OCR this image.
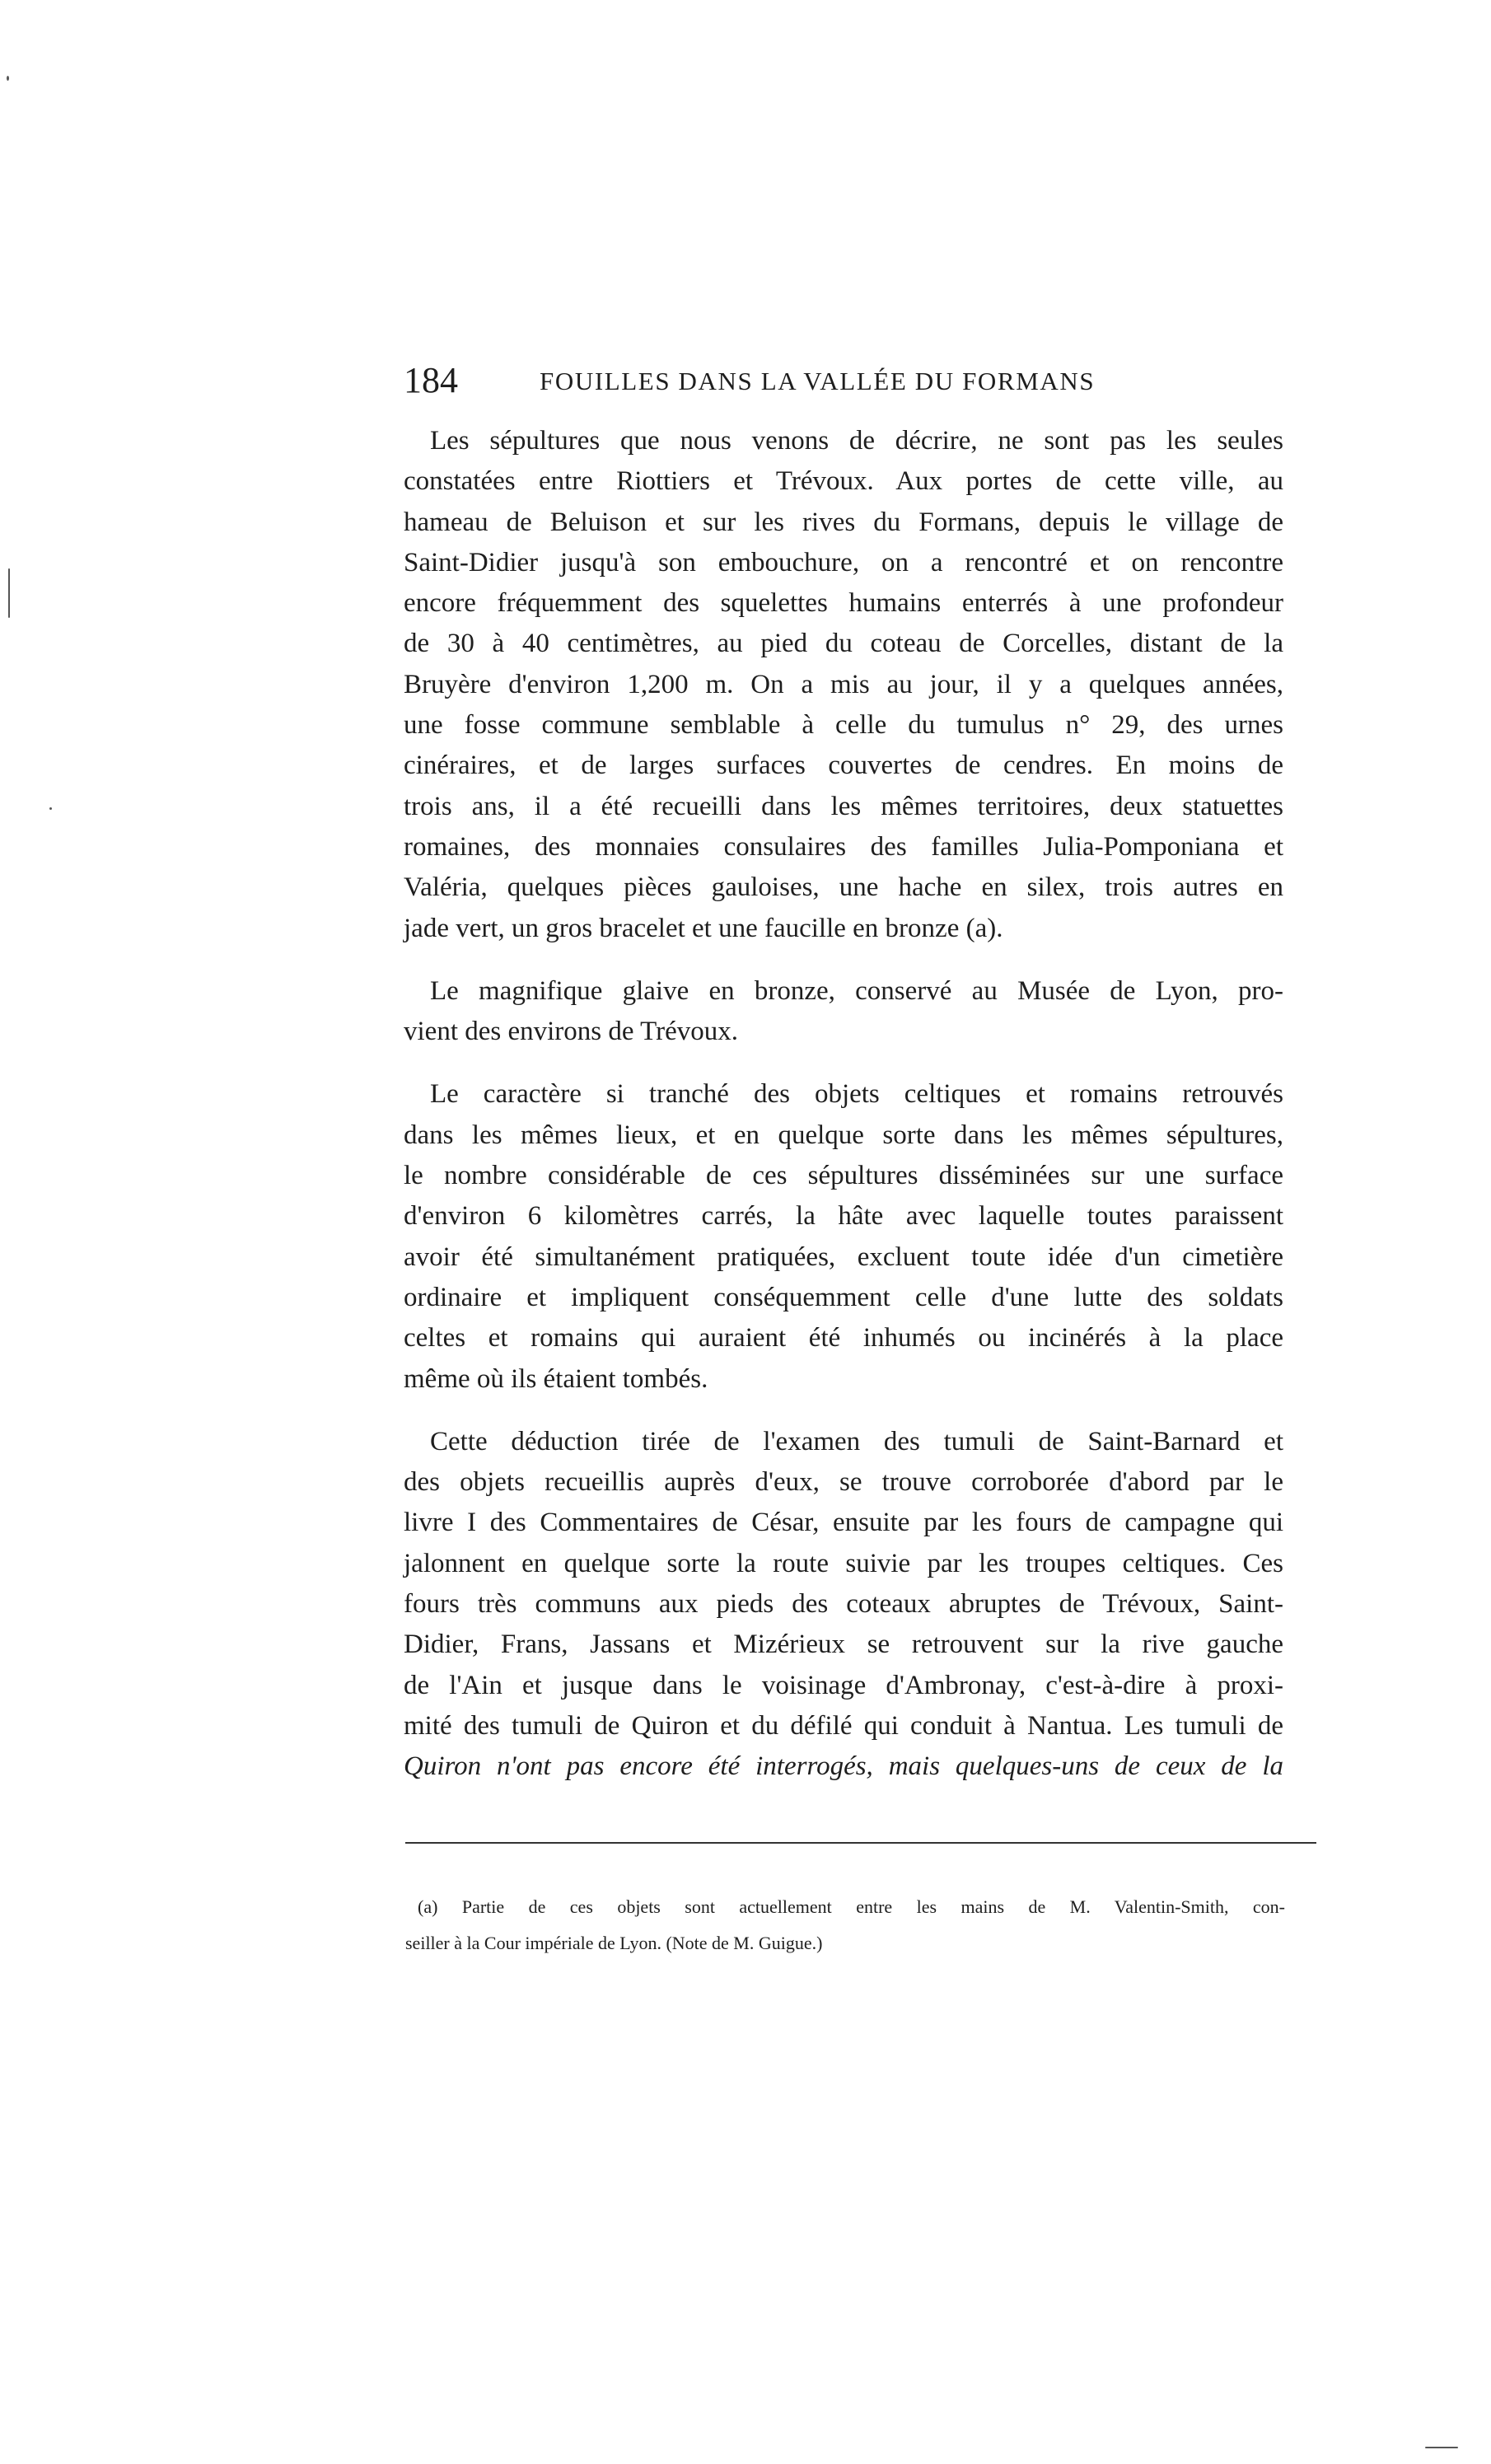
184	FOUILLES DANS LA VALLÉE DU FORMANS
Les sépultures que nous venons de décrire, ne sont pas les seules
constatées entre Riottiers et Trévoux. Aux portes de cette ville, au
hameau de Beluison et sur les rives du Formans, depuis le village de
Saint-Didier jusqu'à son embouchure, on a rencontré et on rencontre
encore fréquemment des squelettes humains enterrés à une profondeur
de 30 à 40 centimètres, au pied du coteau de Corcelles, distant de la
Bruyère d'environ 1,200 m. On a mis au jour, il y a quelques années,
une fosse commune semblable à celle du tumulus n° 29, des urnes
cinéraires, et de larges surfaces couvertes de cendres. En moins de
trois ans, il a été recueilli dans les mêmes territoires, deux statuettes
romaines, des monnaies consulaires des familles Julia-Pomponiana et
Valéria, quelques pièces gauloises, une hache en silex, trois autres en
jade vert, un gros bracelet et une faucille en bronze (a).
Le magnifique glaive en bronze, conservé au Musée de Lyon, pro-
vient des environs de Trévoux.
Le caractère si tranché des objets celtiques et romains retrouvés
dans les mêmes lieux, et en quelque sorte dans les mêmes sépultures,
le nombre considérable de ces sépultures disséminées sur une surface
d'environ 6 kilomètres carrés, la hâte avec laquelle toutes paraissent
avoir été simultanément pratiquées, excluent toute idée d'un cimetière
ordinaire et impliquent conséquemment celle d'une lutte des soldats
celtes et romains qui auraient été inhumés ou incinérés à la place
même où ils étaient tombés.
Cette déduction tirée de l'examen des tumuli de Saint-Barnard et
des objets recueillis auprès d'eux, se trouve corroborée d'abord par le
livre I des Commentaires de César, ensuite par les fours de campagne qui
jalonnent en quelque sorte la route suivie par les troupes celtiques. Ces
fours très communs aux pieds des coteaux abruptes de Trévoux, Saint-
Didier, Frans, Jassans et Mizérieux se retrouvent sur la rive gauche
de l'Ain et jusque dans le voisinage d'Ambronay, c'est-à-dire à proxi-
mité des tumuli de Quiron et du défilé qui conduit à Nantua. Les tumuli de
Quiron n'ont pas encore été interrogés, mais quelques-uns de ceux de la
(a) Partie de ces objets sont actuellement entre les mains de M. Valentin-Smith, con-
seiller à la Cour impériale de Lyon. (Note de M. Guigue.)
